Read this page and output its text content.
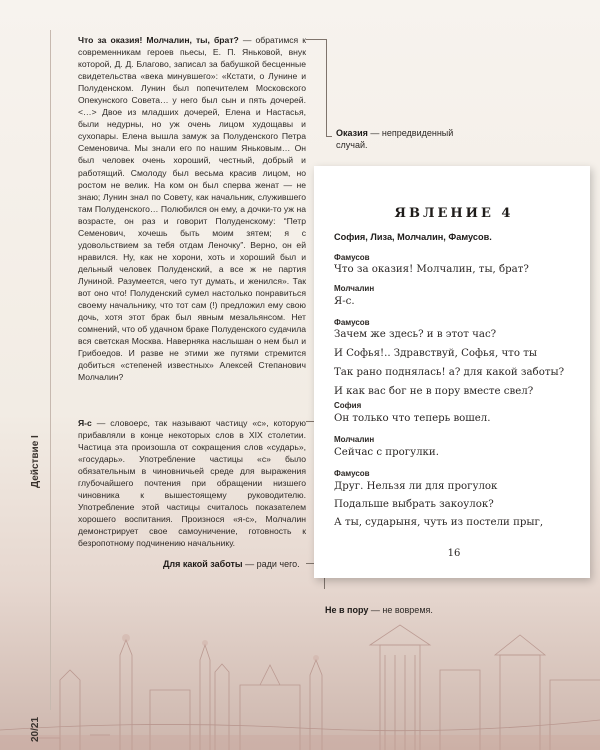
Действие I
20/21
Что за оказия! Молчалин, ты, брат? — обратимся к современникам героев пьесы, Е. П. Янькoвой, внук которой, Д. Д. Благово, записал за бабушкой бесценные свидетельства «века минувшего»: «Кстати, о Лунине и Полуденском. Лунин был попечителем Московского Опекунского Совета… у него был сын и пять дочерей. <…> Двое из младших дочерей, Елена и Настасья, были недурны, но уж очень лицом худощавы и сухопары. Елена вышла замуж за Полуденского Петра Семеновича. Мы знали его по нашим Янькoвым… Он был человек очень хороший, честный, добрый и работящий. Смолоду был весьма красив лицом, но ростом не велик. На ком он был сперва женат — не знаю; Лунин знал по Совету, как начальник, служившего там Полуденского… Полюбился он ему, а дочки-то уж на возрасте, он раз и говорит Полуденскому: “Петр Семенович, хочешь быть моим зятем; я с удовольствием за тебя отдам Леночку”. Верно, он ей нравился. Ну, как не хорони, хоть и хороший был и дельный человек Полуденский, а все ж не партия Луниной. Разумеется, чего тут думать, и женился». Так вот оно что! Полуденский сумел настолько понравиться своему начальнику, что тот сам (!) предложил ему свою дочь, хотя этот брак был явным мезальянсом. Нет сомнений, что об удачном браке Полуденского судачила вся светская Москва. Наверняка наслышан о нем был и Грибоедов. И разве не этими же путями стремится добиться «степеней известных» Алексей Степанович Молчалин?
Я-с — словоерс, так называют частицу «с», которую прибавляли в конце некоторых слов в XIX столетии. Частица эта произошла от сокращения слов «сударь», «государь». Употребление частицы «с» было обязательным в чиновничьей среде для выражения глубочайшего почтения при обращении низшего чиновника к вышестоящему руководителю. Употребление этой частицы считалось показателем хорошего воспитания. Произнося «я-с», Молчалин демонстрирует свое самоуничение, готовность к безропотному подчинению начальнику.
Оказия — непредвиденный случай.
Для какой заботы — ради чего.
Не в пору — не вовремя.
ЯВЛЕНИЕ 4
София, Лиза, Молчалин, Фамусов.
Фамусов
Что за оказия! Молчалин, ты, брат?
Молчалин
Я-с.
Фамусов
Зачем же здесь? и в этот час?
И Софья!.. Здравствуй, Софья, что ты
Так рано поднялась! а? для какой заботы?
И как вас бог не в пору вместе свел?
София
Он только что теперь вошел.
Молчалин
Сейчас с прогулки.
Фамусов
Друг. Нельзя ли для прогулок
Подальше выбрать закоулок?
А ты, сударыня, чуть из постели прыг,
16
